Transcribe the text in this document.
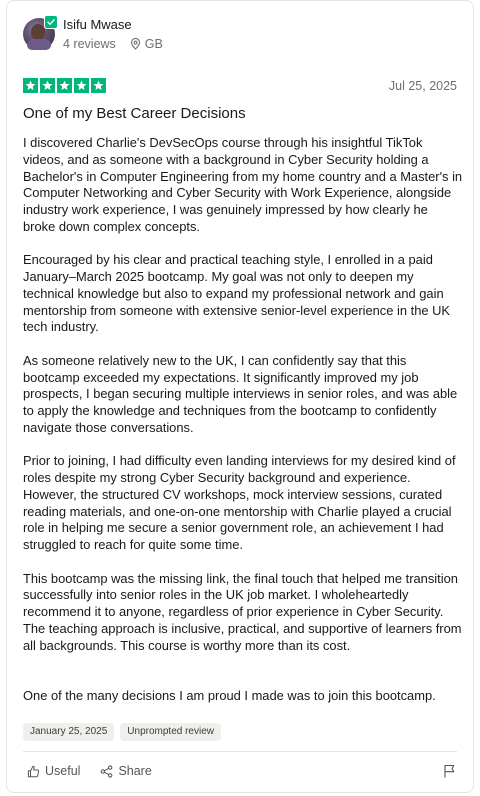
Isifu Mwase
4 reviews GB
Jul 25, 2025
One of my Best Career Decisions

I discovered Charlie's DevSecOps course through his insightful TikTok videos, and as someone with a background in Cyber Security holding a Bachelor's in Computer Engineering from my home country and a Master's in Computer Networking and Cyber Security with Work Experience, alongside industry work experience, I was genuinely impressed by how clearly he broke down complex concepts.

Encouraged by his clear and practical teaching style, I enrolled in a paid January–March 2025 bootcamp. My goal was not only to deepen my technical knowledge but also to expand my professional network and gain mentorship from someone with extensive senior-level experience in the UK tech industry.

As someone relatively new to the UK, I can confidently say that this bootcamp exceeded my expectations. It significantly improved my job prospects, I began securing multiple interviews in senior roles, and was able to apply the knowledge and techniques from the bootcamp to confidently navigate those conversations.

Prior to joining, I had difficulty even landing interviews for my desired kind of roles despite my strong Cyber Security background and experience. However, the structured CV workshops, mock interview sessions, curated reading materials, and one-on-one mentorship with Charlie played a crucial role in helping me secure a senior government role, an achievement I had struggled to reach for quite some time.

This bootcamp was the missing link, the final touch that helped me transition successfully into senior roles in the UK job market. I wholeheartedly recommend it to anyone, regardless of prior experience in Cyber Security. The teaching approach is inclusive, practical, and supportive of learners from all backgrounds. This course is worthy more than its cost.

One of the many decisions I am proud I made was to join this bootcamp.

January 25, 2025	Unprompted review
Useful	Share
